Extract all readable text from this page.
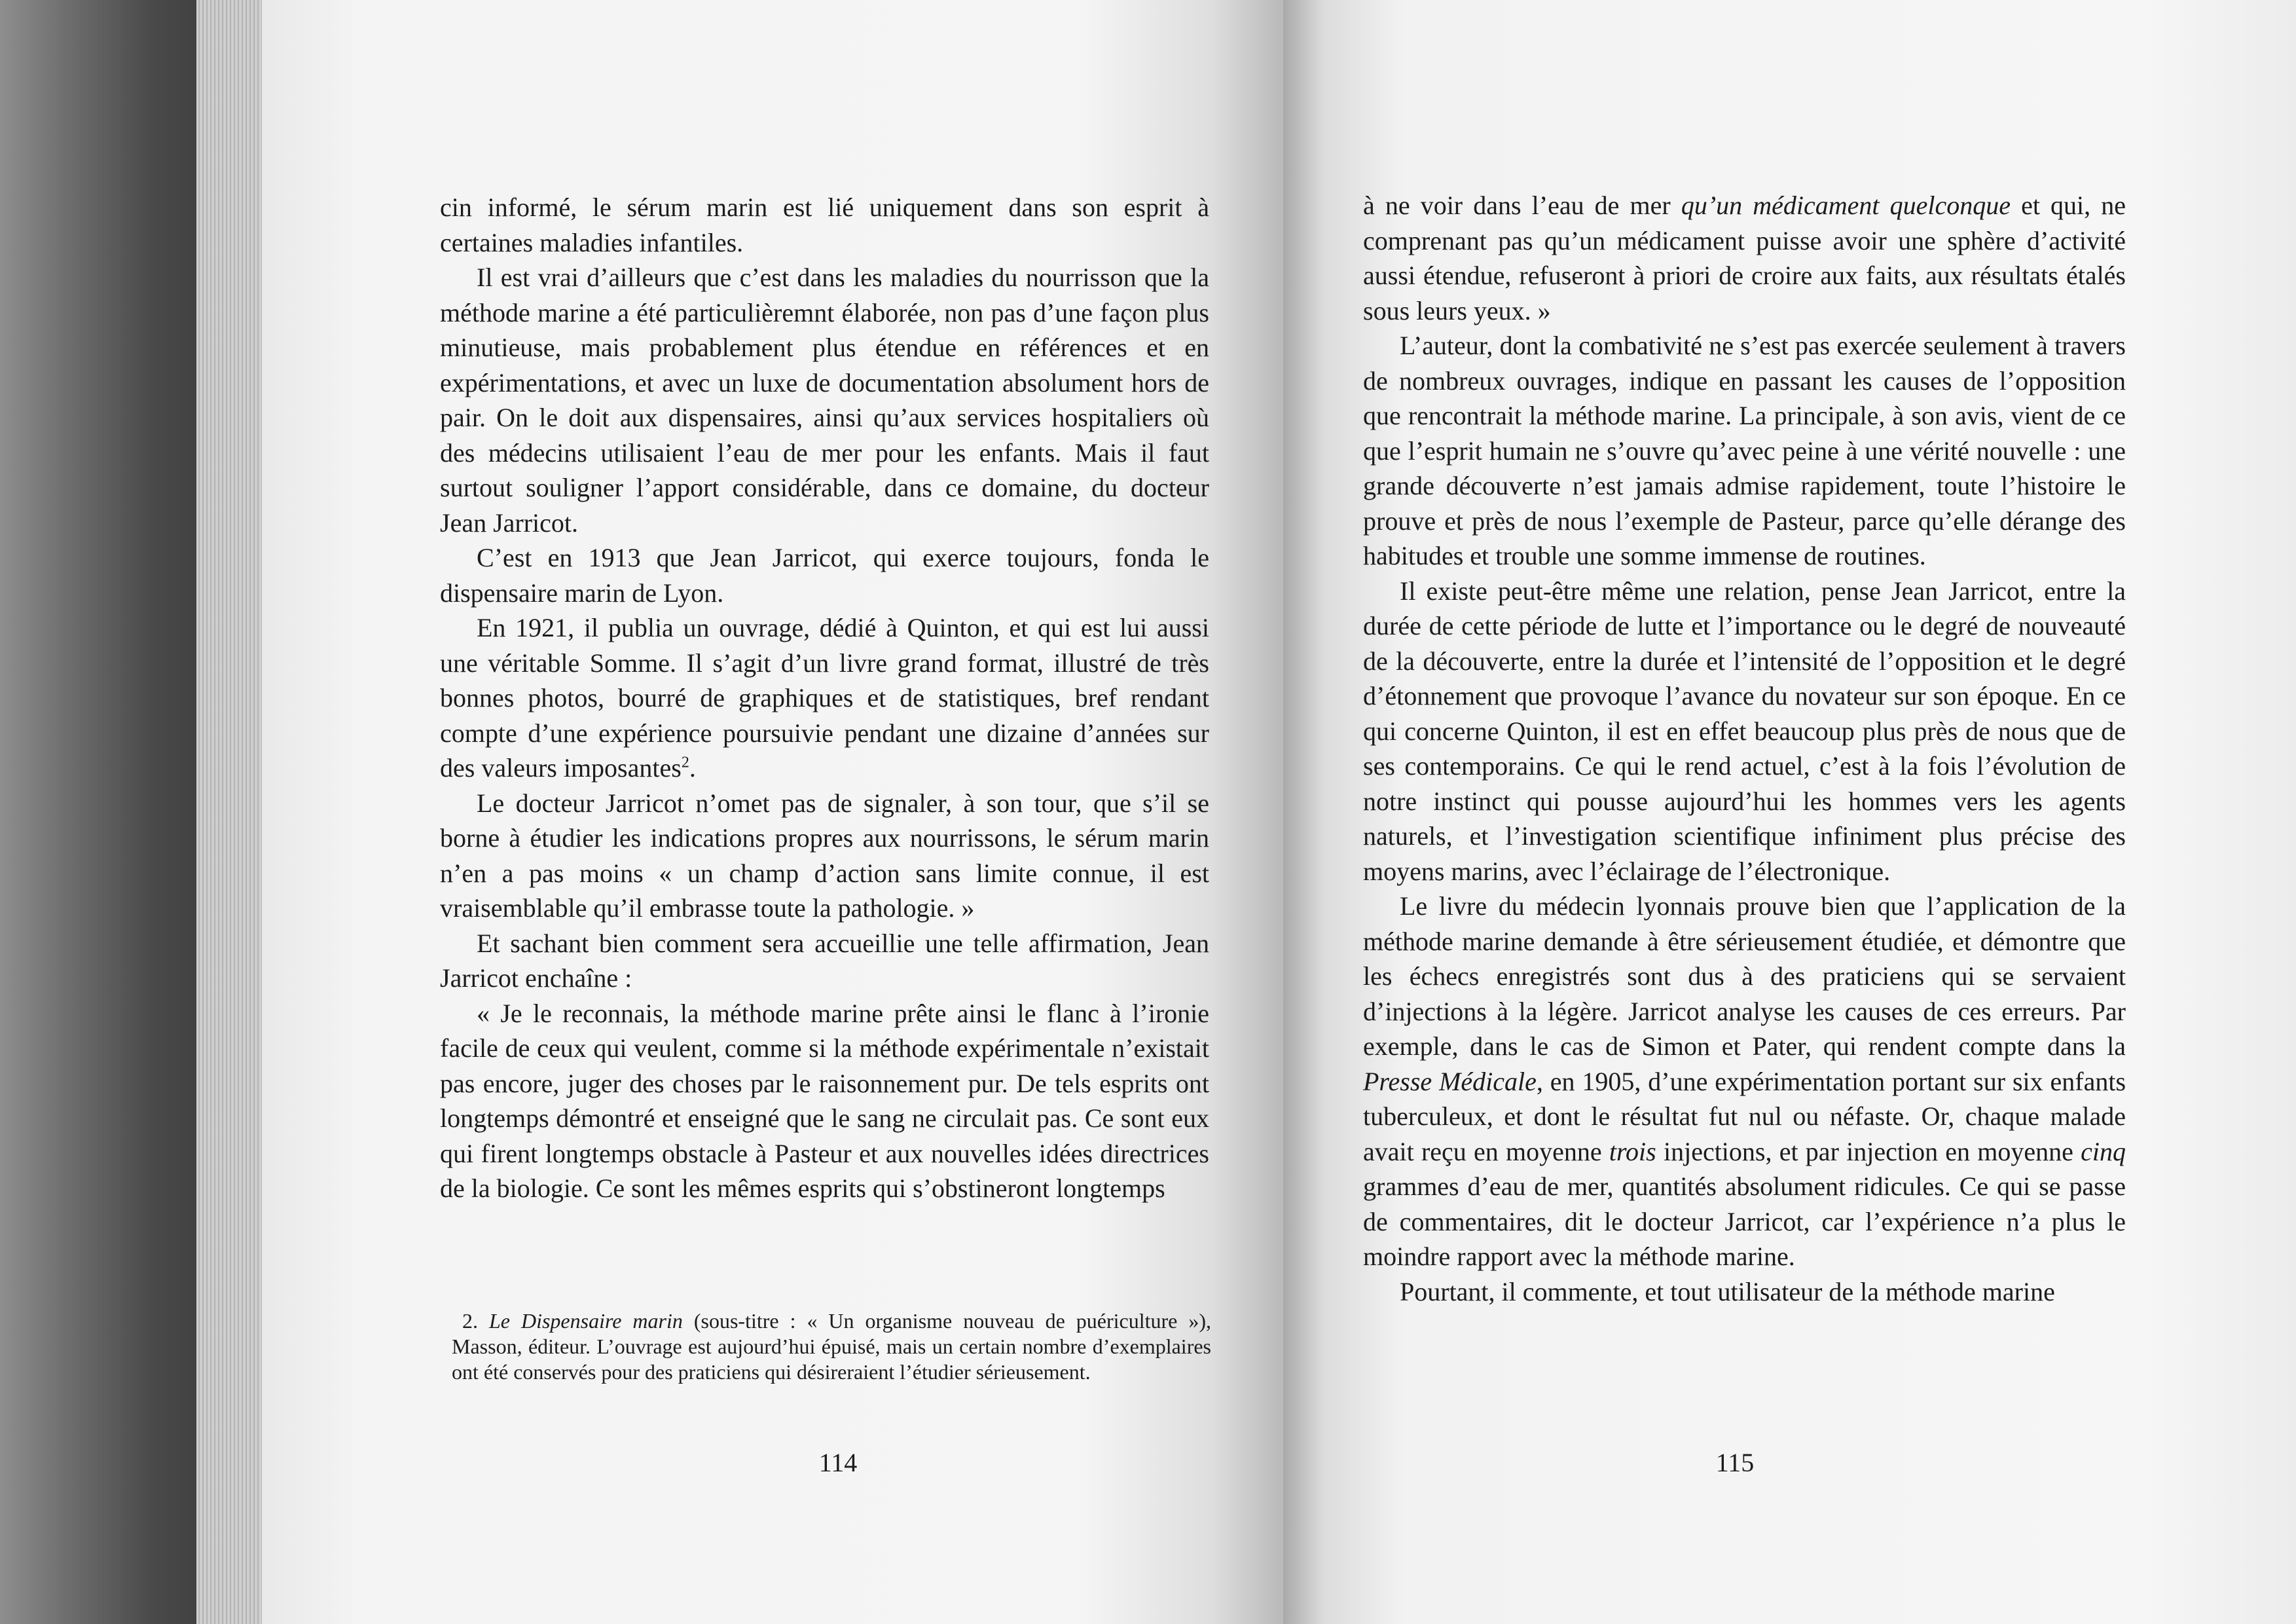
cin informé, le sérum marin est lié uniquement dans son esprit à certaines maladies infantiles.

Il est vrai d’ailleurs que c’est dans les maladies du nourrisson que la méthode marine a été particulièremnt élaborée, non pas d’une façon plus minutieuse, mais probablement plus étendue en références et en expérimentations, et avec un luxe de documentation absolument hors de pair. On le doit aux dispensaires, ainsi qu’aux services hospitaliers où des médecins utilisaient l’eau de mer pour les enfants. Mais il faut surtout souligner l’apport considérable, dans ce domaine, du docteur Jean Jarricot.

C’est en 1913 que Jean Jarricot, qui exerce toujours, fonda le dispensaire marin de Lyon.

En 1921, il publia un ouvrage, dédié à Quinton, et qui est lui aussi une véritable Somme. Il s’agit d’un livre grand format, illustré de très bonnes photos, bourré de graphiques et de statistiques, bref rendant compte d’une expérience poursuivie pendant une dizaine d’années sur des valeurs imposantes$^2$.

Le docteur Jarricot n’omet pas de signaler, à son tour, que s’il se borne à étudier les indications propres aux nourrissons, le sérum marin n’en a pas moins « un champ d’action sans limite connue, il est vraisemblable qu’il embrasse toute la pathologie. »

Et sachant bien comment sera accueillie une telle affirmation, Jean Jarricot enchaîne :

« Je le reconnais, la méthode marine prête ainsi le flanc à l’ironie facile de ceux qui veulent, comme si la méthode expérimentale n’existait pas encore, juger des choses par le raisonnement pur. De tels esprits ont longtemps démontré et enseigné que le sang ne circulait pas. Ce sont eux qui firent longtemps obstacle à Pasteur et aux nouvelles idées directrices de la biologie. Ce sont les mêmes esprits qui s’obstineront longtemps

2. Le Dispensaire marin (sous-titre : « Un organisme nouveau de puériculture »), Masson, éditeur. L’ouvrage est aujourd’hui épuisé, mais un certain nombre d’exemplaires ont été conservés pour des praticiens qui désireraient l’étudier sérieusement.

114

à ne voir dans l’eau de mer qu’un médicament quelconque et qui, ne comprenant pas qu’un médicament puisse avoir une sphère d’activité aussi étendue, refuseront à priori de croire aux faits, aux résultats étalés sous leurs yeux. »

L’auteur, dont la combativité ne s’est pas exercée seulement à travers de nombreux ouvrages, indique en passant les causes de l’opposition que rencontrait la méthode marine. La principale, à son avis, vient de ce que l’esprit humain ne s’ouvre qu’avec peine à une vérité nouvelle : une grande découverte n’est jamais admise rapidement, toute l’histoire le prouve et près de nous l’exemple de Pasteur, parce qu’elle dérange des habitudes et trouble une somme immense de routines.

Il existe peut-être même une relation, pense Jean Jarricot, entre la durée de cette période de lutte et l’importance ou le degré de nouveauté de la découverte, entre la durée et l’intensité de l’opposition et le degré d’étonnement que provoque l’avance du novateur sur son époque. En ce qui concerne Quinton, il est en effet beaucoup plus près de nous que de ses contemporains. Ce qui le rend actuel, c’est à la fois l’évolution de notre instinct qui pousse aujourd’hui les hommes vers les agents naturels, et l’investigation scientifique infiniment plus précise des moyens marins, avec l’éclairage de l’électronique.

Le livre du médecin lyonnais prouve bien que l’application de la méthode marine demande à être sérieusement étudiée, et démontre que les échecs enregistrés sont dus à des praticiens qui se servaient d’injections à la légère. Jarricot analyse les causes de ces erreurs. Par exemple, dans le cas de Simon et Pater, qui rendent compte dans la Presse Médicale, en 1905, d’une expérimentation portant sur six enfants tuberculeux, et dont le résultat fut nul ou néfaste. Or, chaque malade avait reçu en moyenne trois injections, et par injection en moyenne cinq grammes d’eau de mer, quantités absolument ridicules. Ce qui se passe de commentaires, dit le docteur Jarricot, car l’expérience n’a plus le moindre rapport avec la méthode marine.

Pourtant, il commente, et tout utilisateur de la méthode marine

115
